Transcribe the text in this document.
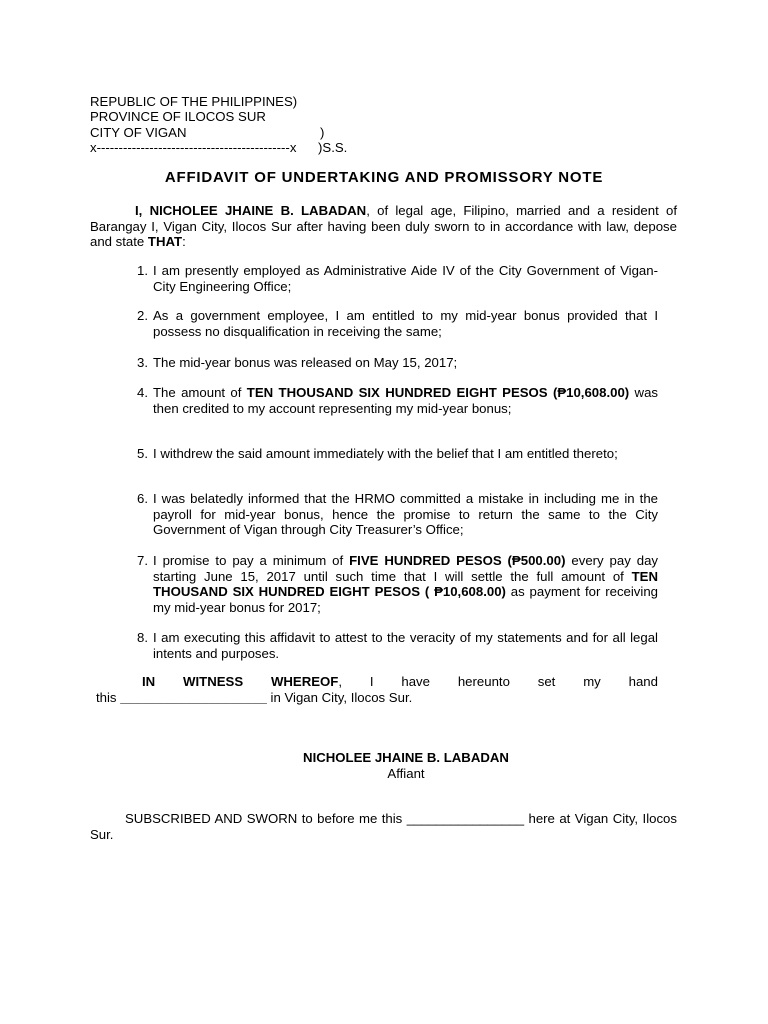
REPUBLIC OF THE PHILIPPINES)

PROVINCE OF ILOCOS SUR

)

CITY OF VIGAN

)S.S.

x--------------------------------------------x

AFFIDAVIT OF UNDERTAKING AND PROMISSORY NOTE
I, NICHOLEE JHAINE B. LABADAN, of legal age, Filipino, married and a resident of Barangay I, Vigan City, Ilocos Sur after having been duly sworn to in accordance with law, depose and state THAT:
1. I am presently employed as Administrative Aide IV of the City Government of Vigan-City Engineering Office;
2. As a government employee, I am entitled to my mid-year bonus provided that I possess no disqualification in receiving the same;
3. The mid-year bonus was released on May 15, 2017;
4. The amount of TEN THOUSAND SIX HUNDRED EIGHT PESOS (₱10,608.00) was then credited to my account representing my mid-year bonus;
5. I withdrew the said amount immediately with the belief that I am entitled thereto;
6. I was belatedly informed that the HRMO committed a mistake in including me in the payroll for mid-year bonus, hence the promise to return the same to the City Government of Vigan through City Treasurer’s Office;
7. I promise to pay a minimum of FIVE HUNDRED PESOS (₱500.00) every pay day starting June 15, 2017 until such time that I will settle the full amount of TEN THOUSAND SIX HUNDRED EIGHT PESOS ( ₱10,608.00) as payment for receiving my mid-year bonus for 2017;
8. I am executing this affidavit to attest to the veracity of my statements and for all legal intents and purposes.
IN WITNESS WHEREOF, I have hereunto set my hand
this ____________________ in Vigan City, Ilocos Sur.
NICHOLEE JHAINE B. LABADAN
Affiant
SUBSCRIBED AND SWORN to before me this ________________ here at Vigan City, Ilocos Sur.
